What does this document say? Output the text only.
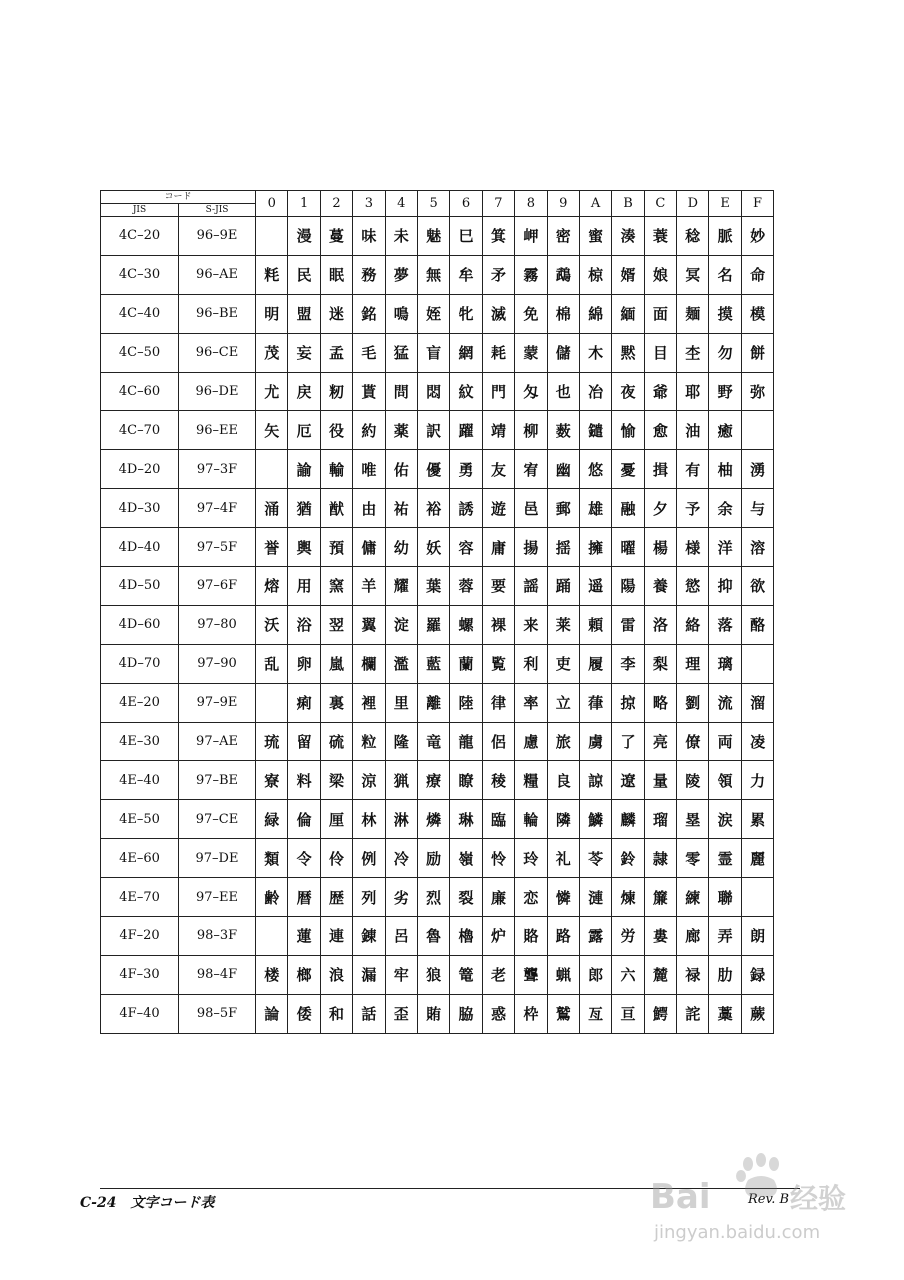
コード		0	1	2	3	4	5	6	7	8	9	A	B	C	D	E	F
JIS	S-JIS																
4C–20	96–9E		漫	蔓	味	未	魅	巳	箕	岬	密	蜜	湊	蓑	稔	脈	妙
4C–30	96–AE	粍	民	眠	務	夢	無	牟	矛	霧	鵡	椋	婿	娘	冥	名	命
4C–40	96–BE	明	盟	迷	銘	鳴	姪	牝	滅	免	棉	綿	緬	面	麺	摸	模
4C–50	96–CE	茂	妄	孟	毛	猛	盲	網	耗	蒙	儲	木	黙	目	杢	勿	餅
4C–60	96–DE	尤	戻	籾	貰	問	悶	紋	門	匁	也	冶	夜	爺	耶	野	弥
4C–70	96–EE	矢	厄	役	約	薬	訳	躍	靖	柳	薮	鑓	愉	愈	油	癒	
4D–20	97–3F		諭	輸	唯	佑	優	勇	友	宥	幽	悠	憂	揖	有	柚	湧
4D–30	97–4F	涌	猶	猷	由	祐	裕	誘	遊	邑	郵	雄	融	夕	予	余	与
4D–40	97–5F	誉	輿	預	傭	幼	妖	容	庸	揚	揺	擁	曜	楊	様	洋	溶
4D–50	97–6F	熔	用	窯	羊	耀	葉	蓉	要	謡	踊	遥	陽	養	慾	抑	欲
4D–60	97–80	沃	浴	翌	翼	淀	羅	螺	裸	来	莱	頼	雷	洛	絡	落	酪
4D–70	97–90	乱	卵	嵐	欄	濫	藍	蘭	覧	利	吏	履	李	梨	理	璃	
4E–20	97–9E		痢	裏	裡	里	離	陸	律	率	立	葎	掠	略	劉	流	溜
4E–30	97–AE	琉	留	硫	粒	隆	竜	龍	侶	慮	旅	虜	了	亮	僚	両	凌
4E–40	97–BE	寮	料	梁	涼	猟	療	瞭	稜	糧	良	諒	遼	量	陵	領	力
4E–50	97–CE	緑	倫	厘	林	淋	燐	琳	臨	輪	隣	鱗	麟	瑠	塁	涙	累
4E–60	97–DE	類	令	伶	例	冷	励	嶺	怜	玲	礼	苓	鈴	隷	零	霊	麗
4E–70	97–EE	齢	暦	歴	列	劣	烈	裂	廉	恋	憐	漣	煉	簾	練	聯	
4F–20	98–3F		蓮	連	錬	呂	魯	櫓	炉	賂	路	露	労	婁	廊	弄	朗
4F–30	98–4F	楼	榔	浪	漏	牢	狼	篭	老	聾	蝋	郎	六	麓	禄	肋	録
4F–40	98–5F	論	倭	和	話	歪	賄	脇	惑	枠	鷲	亙	亘	鰐	詫	藁	蕨
C-24 文字コード表	Rev. B
Bai	经验
jingyan.baidu.com
